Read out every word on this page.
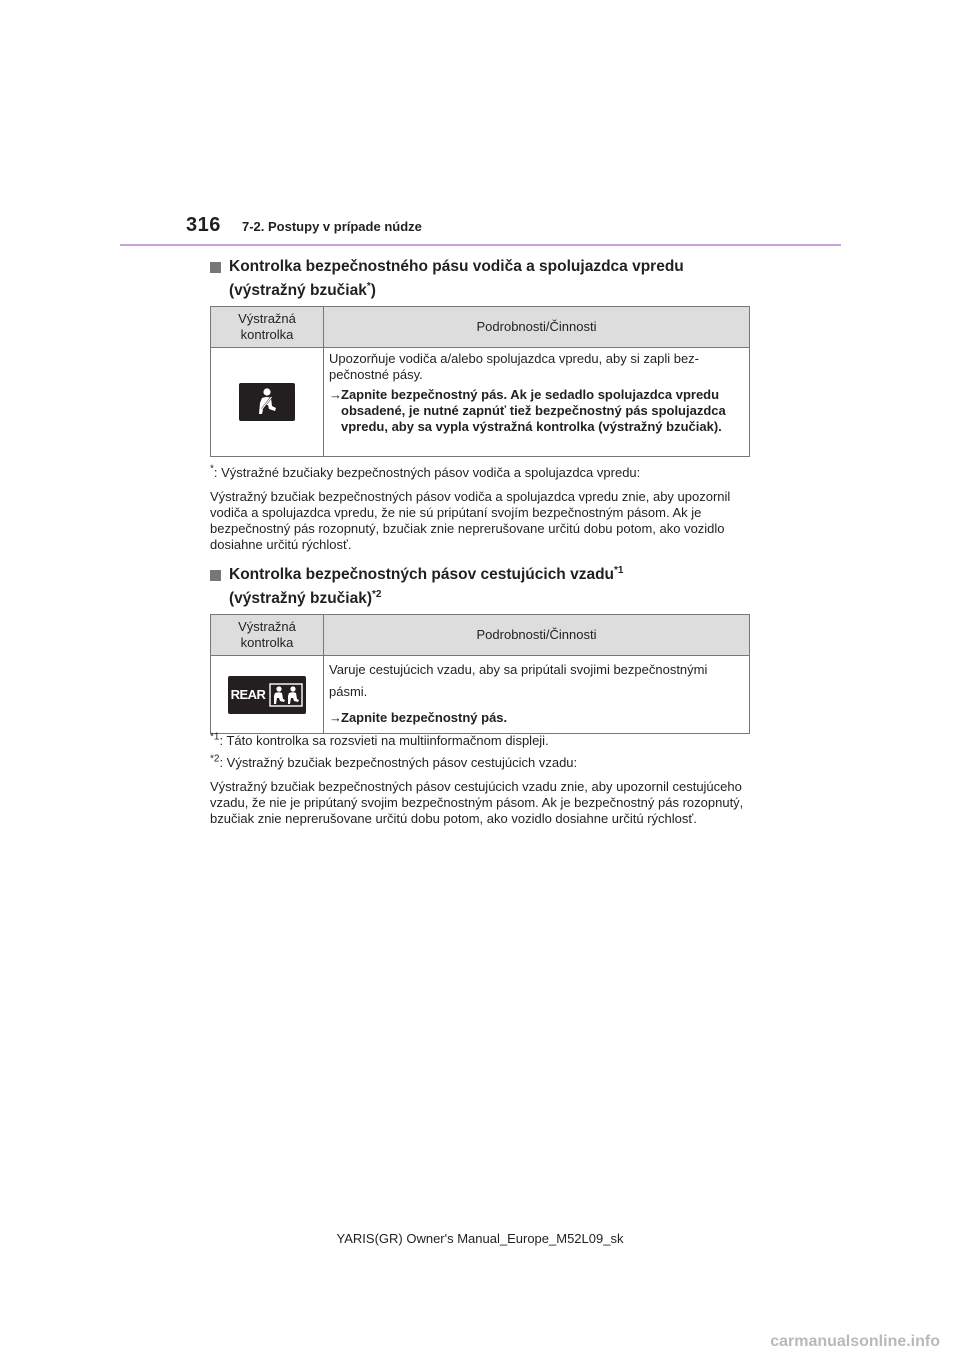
316 7-2. Postupy v prípade núdze
Kontrolka bezpečnostného pásu vodiča a spolujazdca vpredu
(výstražný bzučiak*)
Výstražná kontrolka	Podrobnosti/Činnosti

Upozorňuje vodiča a/alebo spolujazdca vpredu, aby si zapli bezpečnostné pásy.

→ Zapnite bezpečnostný pás. Ak je sedadlo spolujazdca vpredu obsadené, je nutné zapnúť tiež bezpečnostný pás spolujazdca vpredu, aby sa vypla výstražná kontrolka (výstražný bzučiak).

*: Výstražné bzučiaky bezpečnostných pásov vodiča a spolujazdca vpredu:

Výstražný bzučiak bezpečnostných pásov vodiča a spolujazdca vpredu znie, aby upozornil vodiča a spolujazdca vpredu, že nie sú pripútaní svojím bezpečnostným pásom. Ak je bezpečnostný pás rozopnutý, bzučiak znie neprerušovane určitú dobu potom, ako vozidlo dosiahne určitú rýchlosť.

Kontrolka bezpečnostných pásov cestujúcich vzadu$^{*1}$
(výstražný bzučiak)$^{*2}$
Výstražná kontrolka	Podrobnosti/Činnosti

REAR	Varuje cestujúcich vzadu, aby sa pripútali svojimi bezpečnostnými pásmi.

→ Zapnite bezpečnostný pás.

$^{*1}$: Táto kontrolka sa rozsvieti na multiinformačnom displeji.

$^{*2}$: Výstražný bzučiak bezpečnostných pásov cestujúcich vzadu:

Výstražný bzučiak bezpečnostných pásov cestujúcich vzadu znie, aby upozornil cestujúceho vzadu, že nie je pripútaný svojim bezpečnostným pásom. Ak je bezpečnostný pás rozopnutý, bzučiak znie neprerušovane určitú dobu potom, ako vozidlo dosiahne určitú rýchlosť.

YARIS(GR) Owner's Manual_Europe_M52L09_sk
carmanualsonline.info
